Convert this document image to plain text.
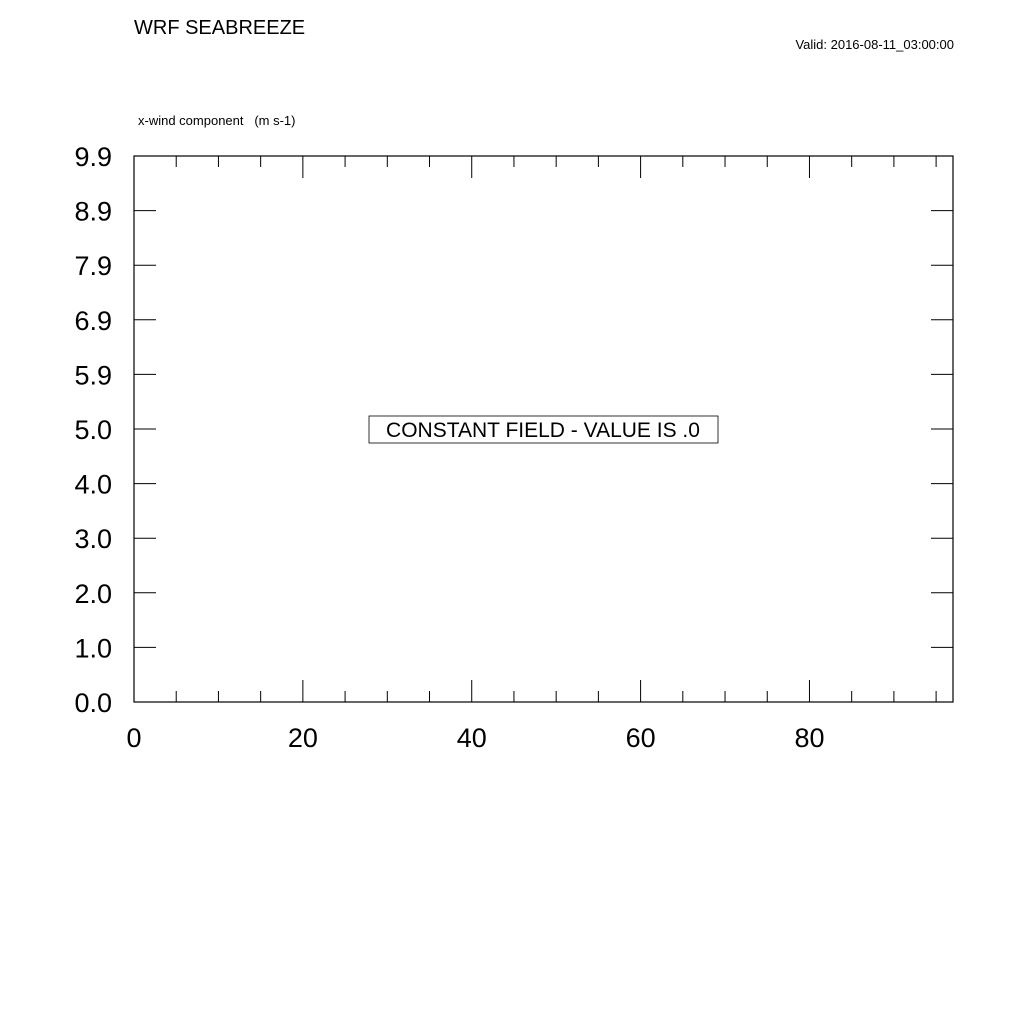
WRF SEABREEZE
Valid: 2016-08-11_03:00:00
x-wind component   (m s-1)
0.0
1.0
2.0
3.0
4.0
5.0
5.9
6.9
7.9
8.9
9.9
0	20	40	60	80
CONSTANT FIELD - VALUE IS .0
